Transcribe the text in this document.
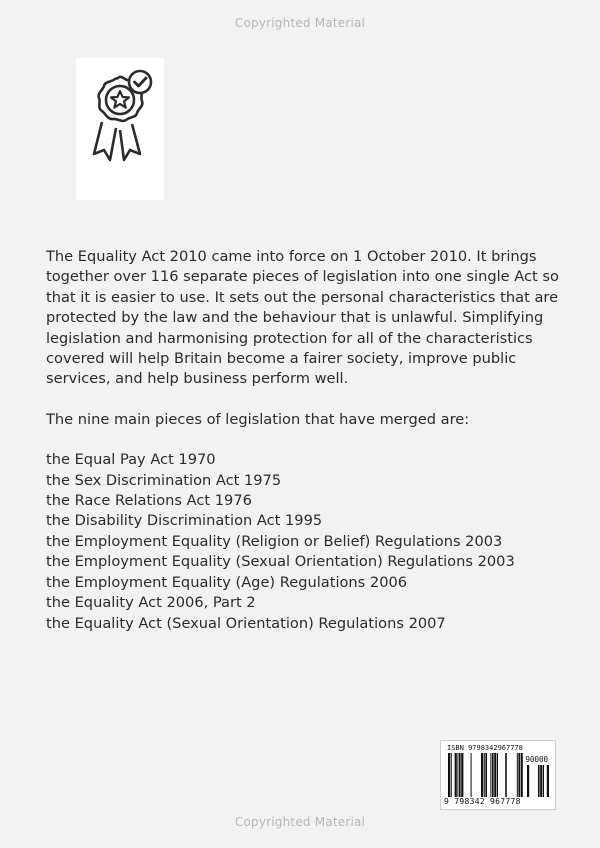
Copyrighted Material

The Equality Act 2010 came into force on 1 October 2010. It brings together over 116 separate pieces of legislation into one single Act so that it is easier to use. It sets out the personal characteristics that are protected by the law and the behaviour that is unlawful. Simplifying legislation and harmonising protection for all of the characteristics covered will help Britain become a fairer society, improve public services, and help business perform well.

The nine main pieces of legislation that have merged are:

the Equal Pay Act 1970
the Sex Discrimination Act 1975
the Race Relations Act 1976
the Disability Discrimination Act 1995
the Employment Equality (Religion or Belief) Regulations 2003
the Employment Equality (Sexual Orientation) Regulations 2003
the Employment Equality (Age) Regulations 2006
the Equality Act 2006, Part 2
the Equality Act (Sexual Orientation) Regulations 2007
ISBN 9798342967778
90000
9 798342 967778
Copyrighted Material
